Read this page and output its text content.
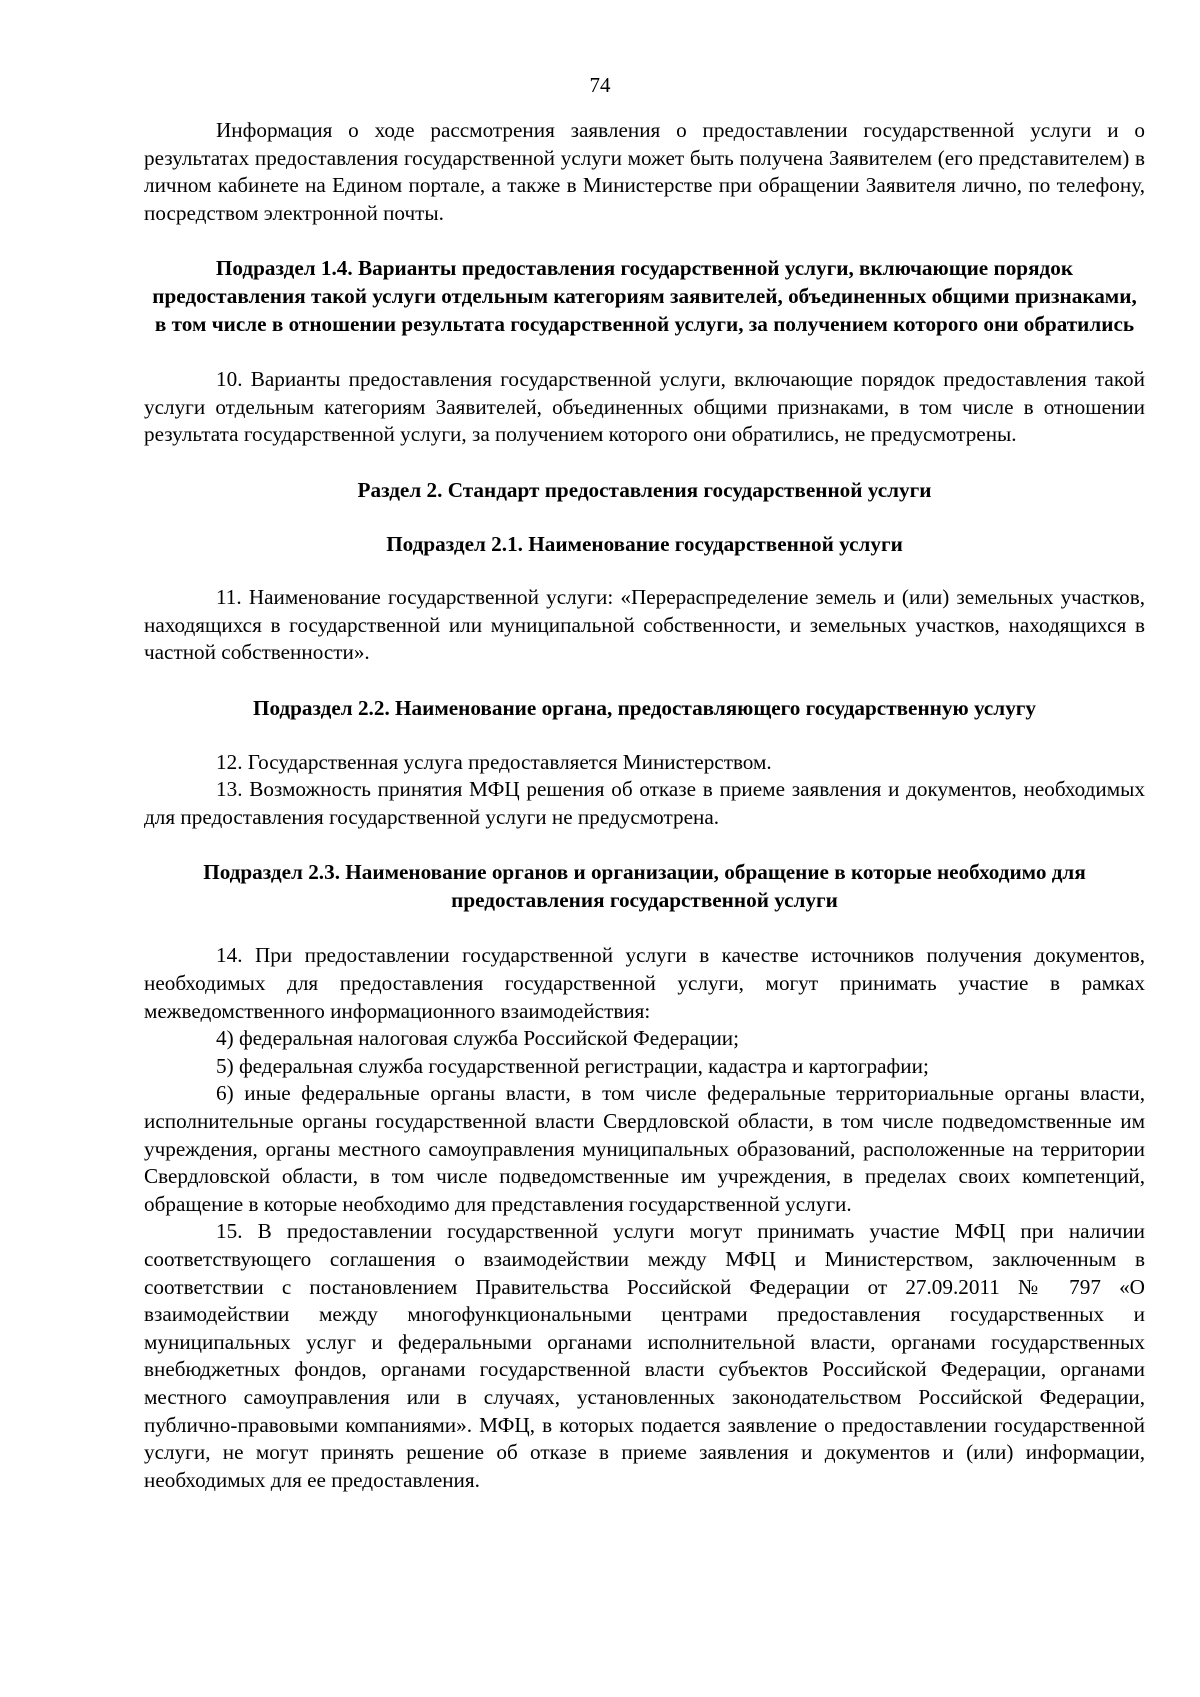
74

Информация о ходе рассмотрения заявления о предоставлении государственной услуги и о результатах предоставления государственной услуги может быть получена Заявителем (его представителем) в личном кабинете на Едином портале, а также в Министерстве при обращении Заявителя лично, по телефону, посредством электронной почты.

Подраздел 1.4. Варианты предоставления государственной услуги, включающие порядок предоставления такой услуги отдельным категориям заявителей, объединенных общими признаками, в том числе в отношении результата государственной услуги, за получением которого они обратились

10. Варианты предоставления государственной услуги, включающие порядок предоставления такой услуги отдельным категориям Заявителей, объединенных общими признаками, в том числе в отношении результата государственной услуги, за получением которого они обратились, не предусмотрены.

Раздел 2. Стандарт предоставления государственной услуги
Подраздел 2.1. Наименование государственной услуги

11. Наименование государственной услуги: «Перераспределение земель и (или) земельных участков, находящихся в государственной или муниципальной собственности, и земельных участков, находящихся в частной собственности».

Подраздел 2.2. Наименование органа, предоставляющего государственную услугу

12. Государственная услуга предоставляется Министерством.

13. Возможность принятия МФЦ решения об отказе в приеме заявления и документов, необходимых для предоставления государственной услуги не предусмотрена.

Подраздел 2.3. Наименование органов и организации, обращение в которые необходимо для предоставления государственной услуги

14. При предоставлении государственной услуги в качестве источников получения документов, необходимых для предоставления государственной услуги, могут принимать участие в рамках межведомственного информационного взаимодействия:

4) федеральная налоговая служба Российской Федерации;

5) федеральная служба государственной регистрации, кадастра и картографии;

6) иные федеральные органы власти, в том числе федеральные территориальные органы власти, исполнительные органы государственной власти Свердловской области, в том числе подведомственные им учреждения, органы местного самоуправления муниципальных образований, расположенные на территории Свердловской области, в том числе подведомственные им учреждения, в пределах своих компетенций, обращение в которые необходимо для представления государственной услуги.

15. В предоставлении государственной услуги могут принимать участие МФЦ при наличии соответствующего соглашения о взаимодействии между МФЦ и Министерством, заключенным в соответствии с постановлением Правительства Российской Федерации от 27.09.2011 № 797 «О взаимодействии между многофункциональными центрами предоставления государственных и муниципальных услуг и федеральными органами исполнительной власти, органами государственных внебюджетных фондов, органами государственной власти субъектов Российской Федерации, органами местного самоуправления или в случаях, установленных законодательством Российской Федерации, публично-правовыми компаниями». МФЦ, в которых подается заявление о предоставлении государственной услуги, не могут принять решение об отказе в приеме заявления и документов и (или) информации, необходимых для ее предоставления.
